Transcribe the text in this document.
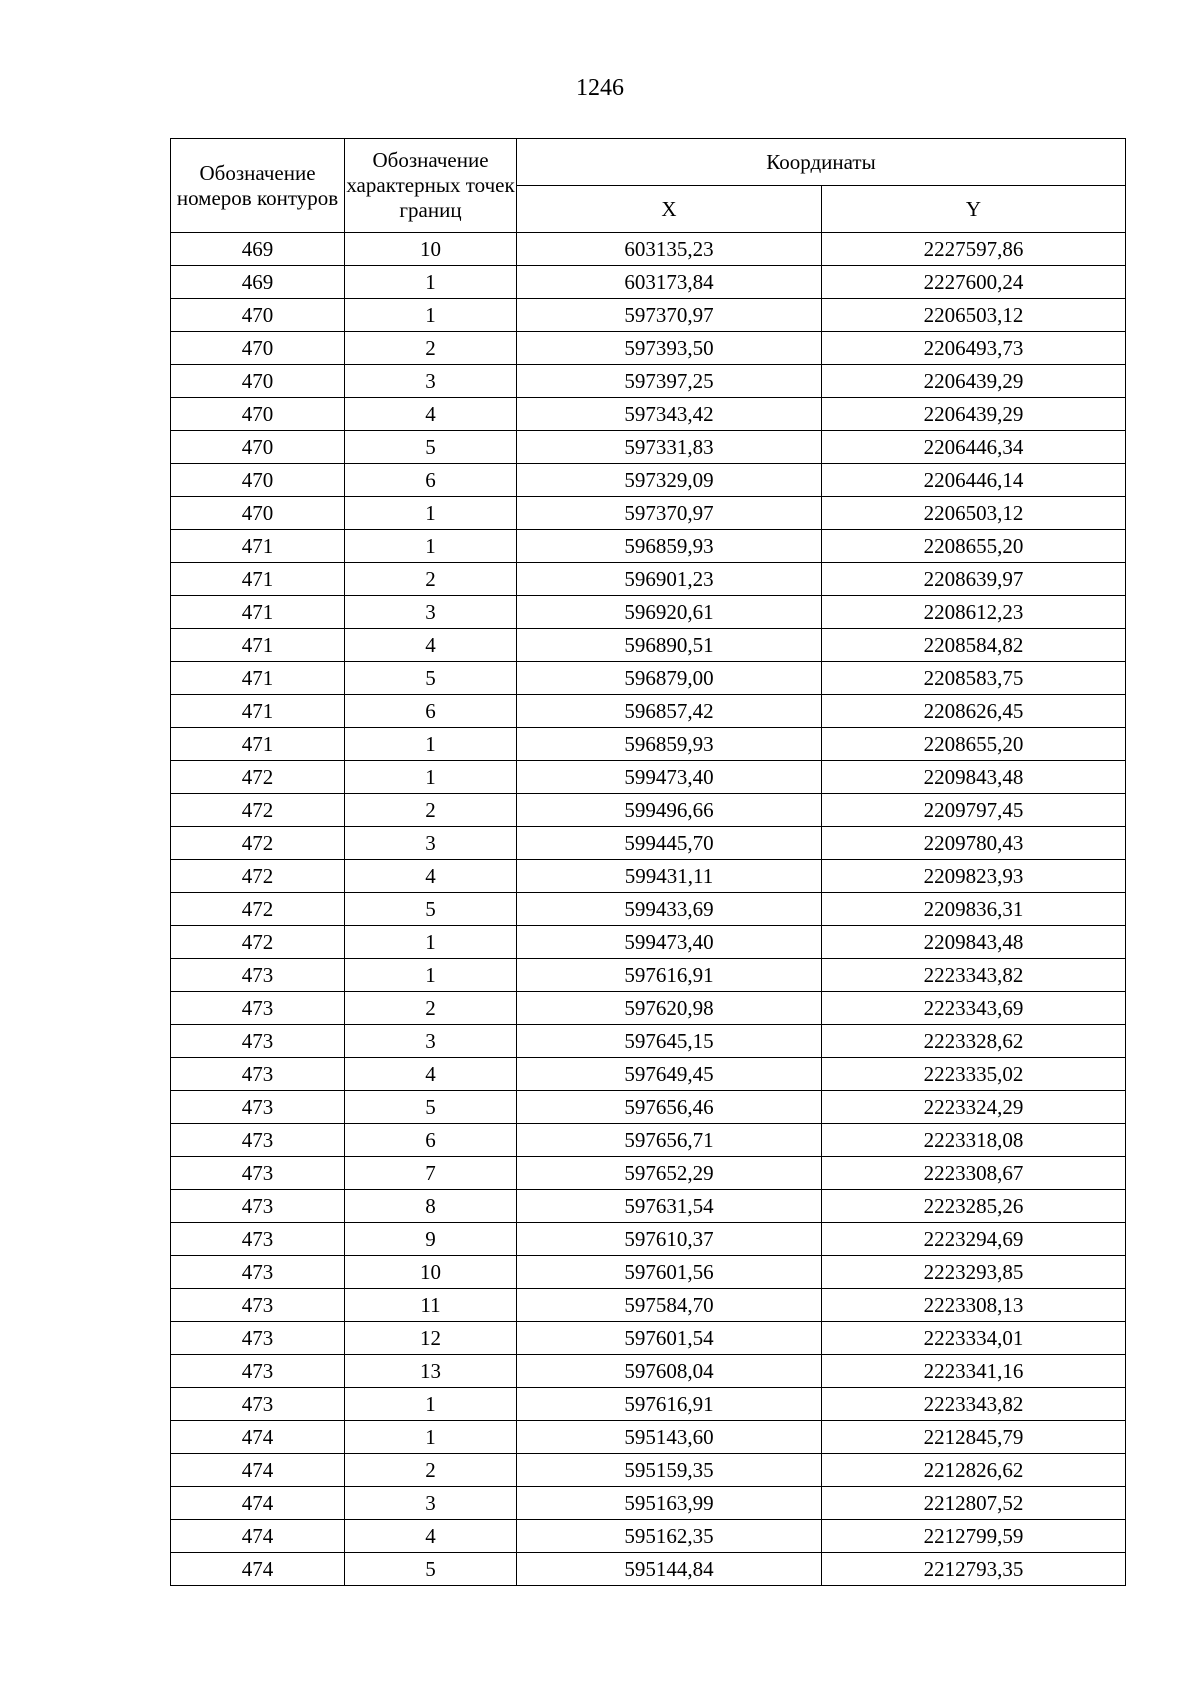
1246
Обозначение номеров контуров	Обозначение характерных точек границ	Координаты	
		X	Y
469	10	603135,23	2227597,86
469	1	603173,84	2227600,24
470	1	597370,97	2206503,12
470	2	597393,50	2206493,73
470	3	597397,25	2206439,29
470	4	597343,42	2206439,29
470	5	597331,83	2206446,34
470	6	597329,09	2206446,14
470	1	597370,97	2206503,12
471	1	596859,93	2208655,20
471	2	596901,23	2208639,97
471	3	596920,61	2208612,23
471	4	596890,51	2208584,82
471	5	596879,00	2208583,75
471	6	596857,42	2208626,45
471	1	596859,93	2208655,20
472	1	599473,40	2209843,48
472	2	599496,66	2209797,45
472	3	599445,70	2209780,43
472	4	599431,11	2209823,93
472	5	599433,69	2209836,31
472	1	599473,40	2209843,48
473	1	597616,91	2223343,82
473	2	597620,98	2223343,69
473	3	597645,15	2223328,62
473	4	597649,45	2223335,02
473	5	597656,46	2223324,29
473	6	597656,71	2223318,08
473	7	597652,29	2223308,67
473	8	597631,54	2223285,26
473	9	597610,37	2223294,69
473	10	597601,56	2223293,85
473	11	597584,70	2223308,13
473	12	597601,54	2223334,01
473	13	597608,04	2223341,16
473	1	597616,91	2223343,82
474	1	595143,60	2212845,79
474	2	595159,35	2212826,62
474	3	595163,99	2212807,52
474	4	595162,35	2212799,59
474	5	595144,84	2212793,35
